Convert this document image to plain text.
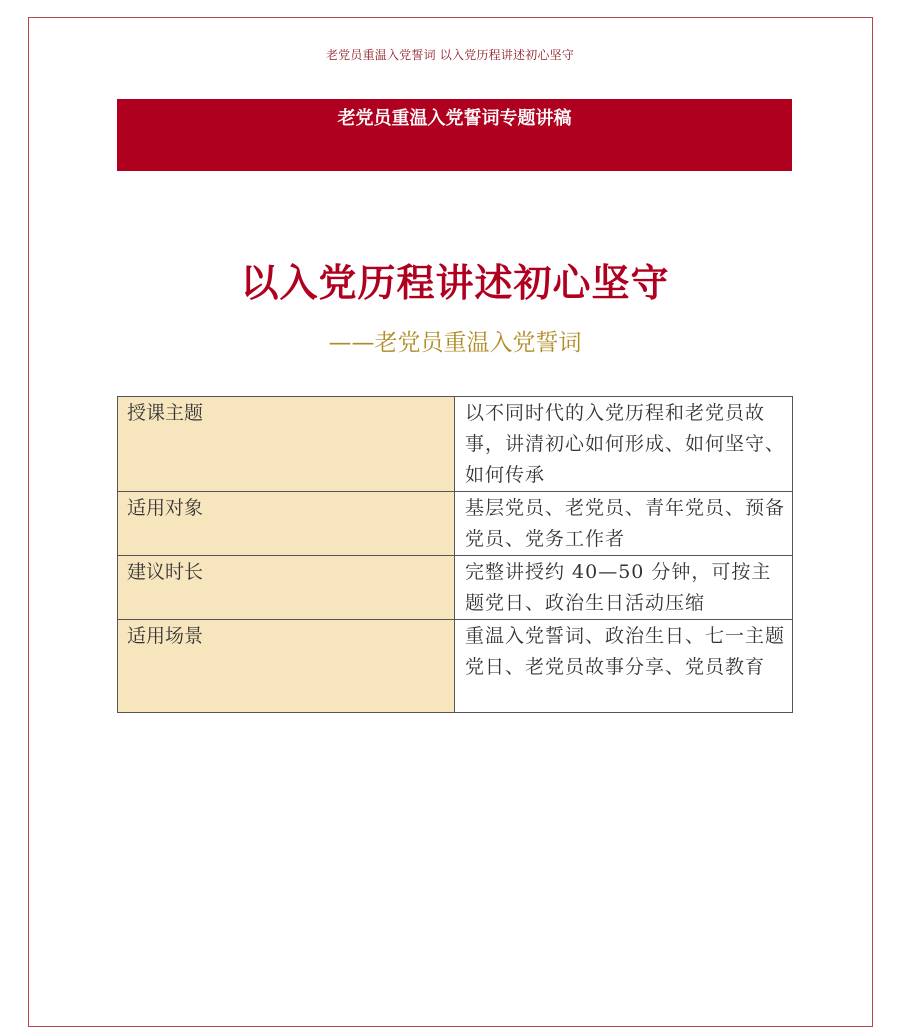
老党员重温入党誓词 以入党历程讲述初心坚守
老党员重温入党誓词专题讲稿
以入党历程讲述初心坚守
——老党员重温入党誓词
授课主题	以不同时代的入党历程和老党员故事，讲清初心如何形成、如何坚守、如何传承
适用对象	基层党员、老党员、青年党员、预备党员、党务工作者
建议时长	完整讲授约 40—50 分钟，可按主题党日、政治生日活动压缩
适用场景	重温入党誓词、政治生日、七一主题党日、老党员故事分享、党员教育
